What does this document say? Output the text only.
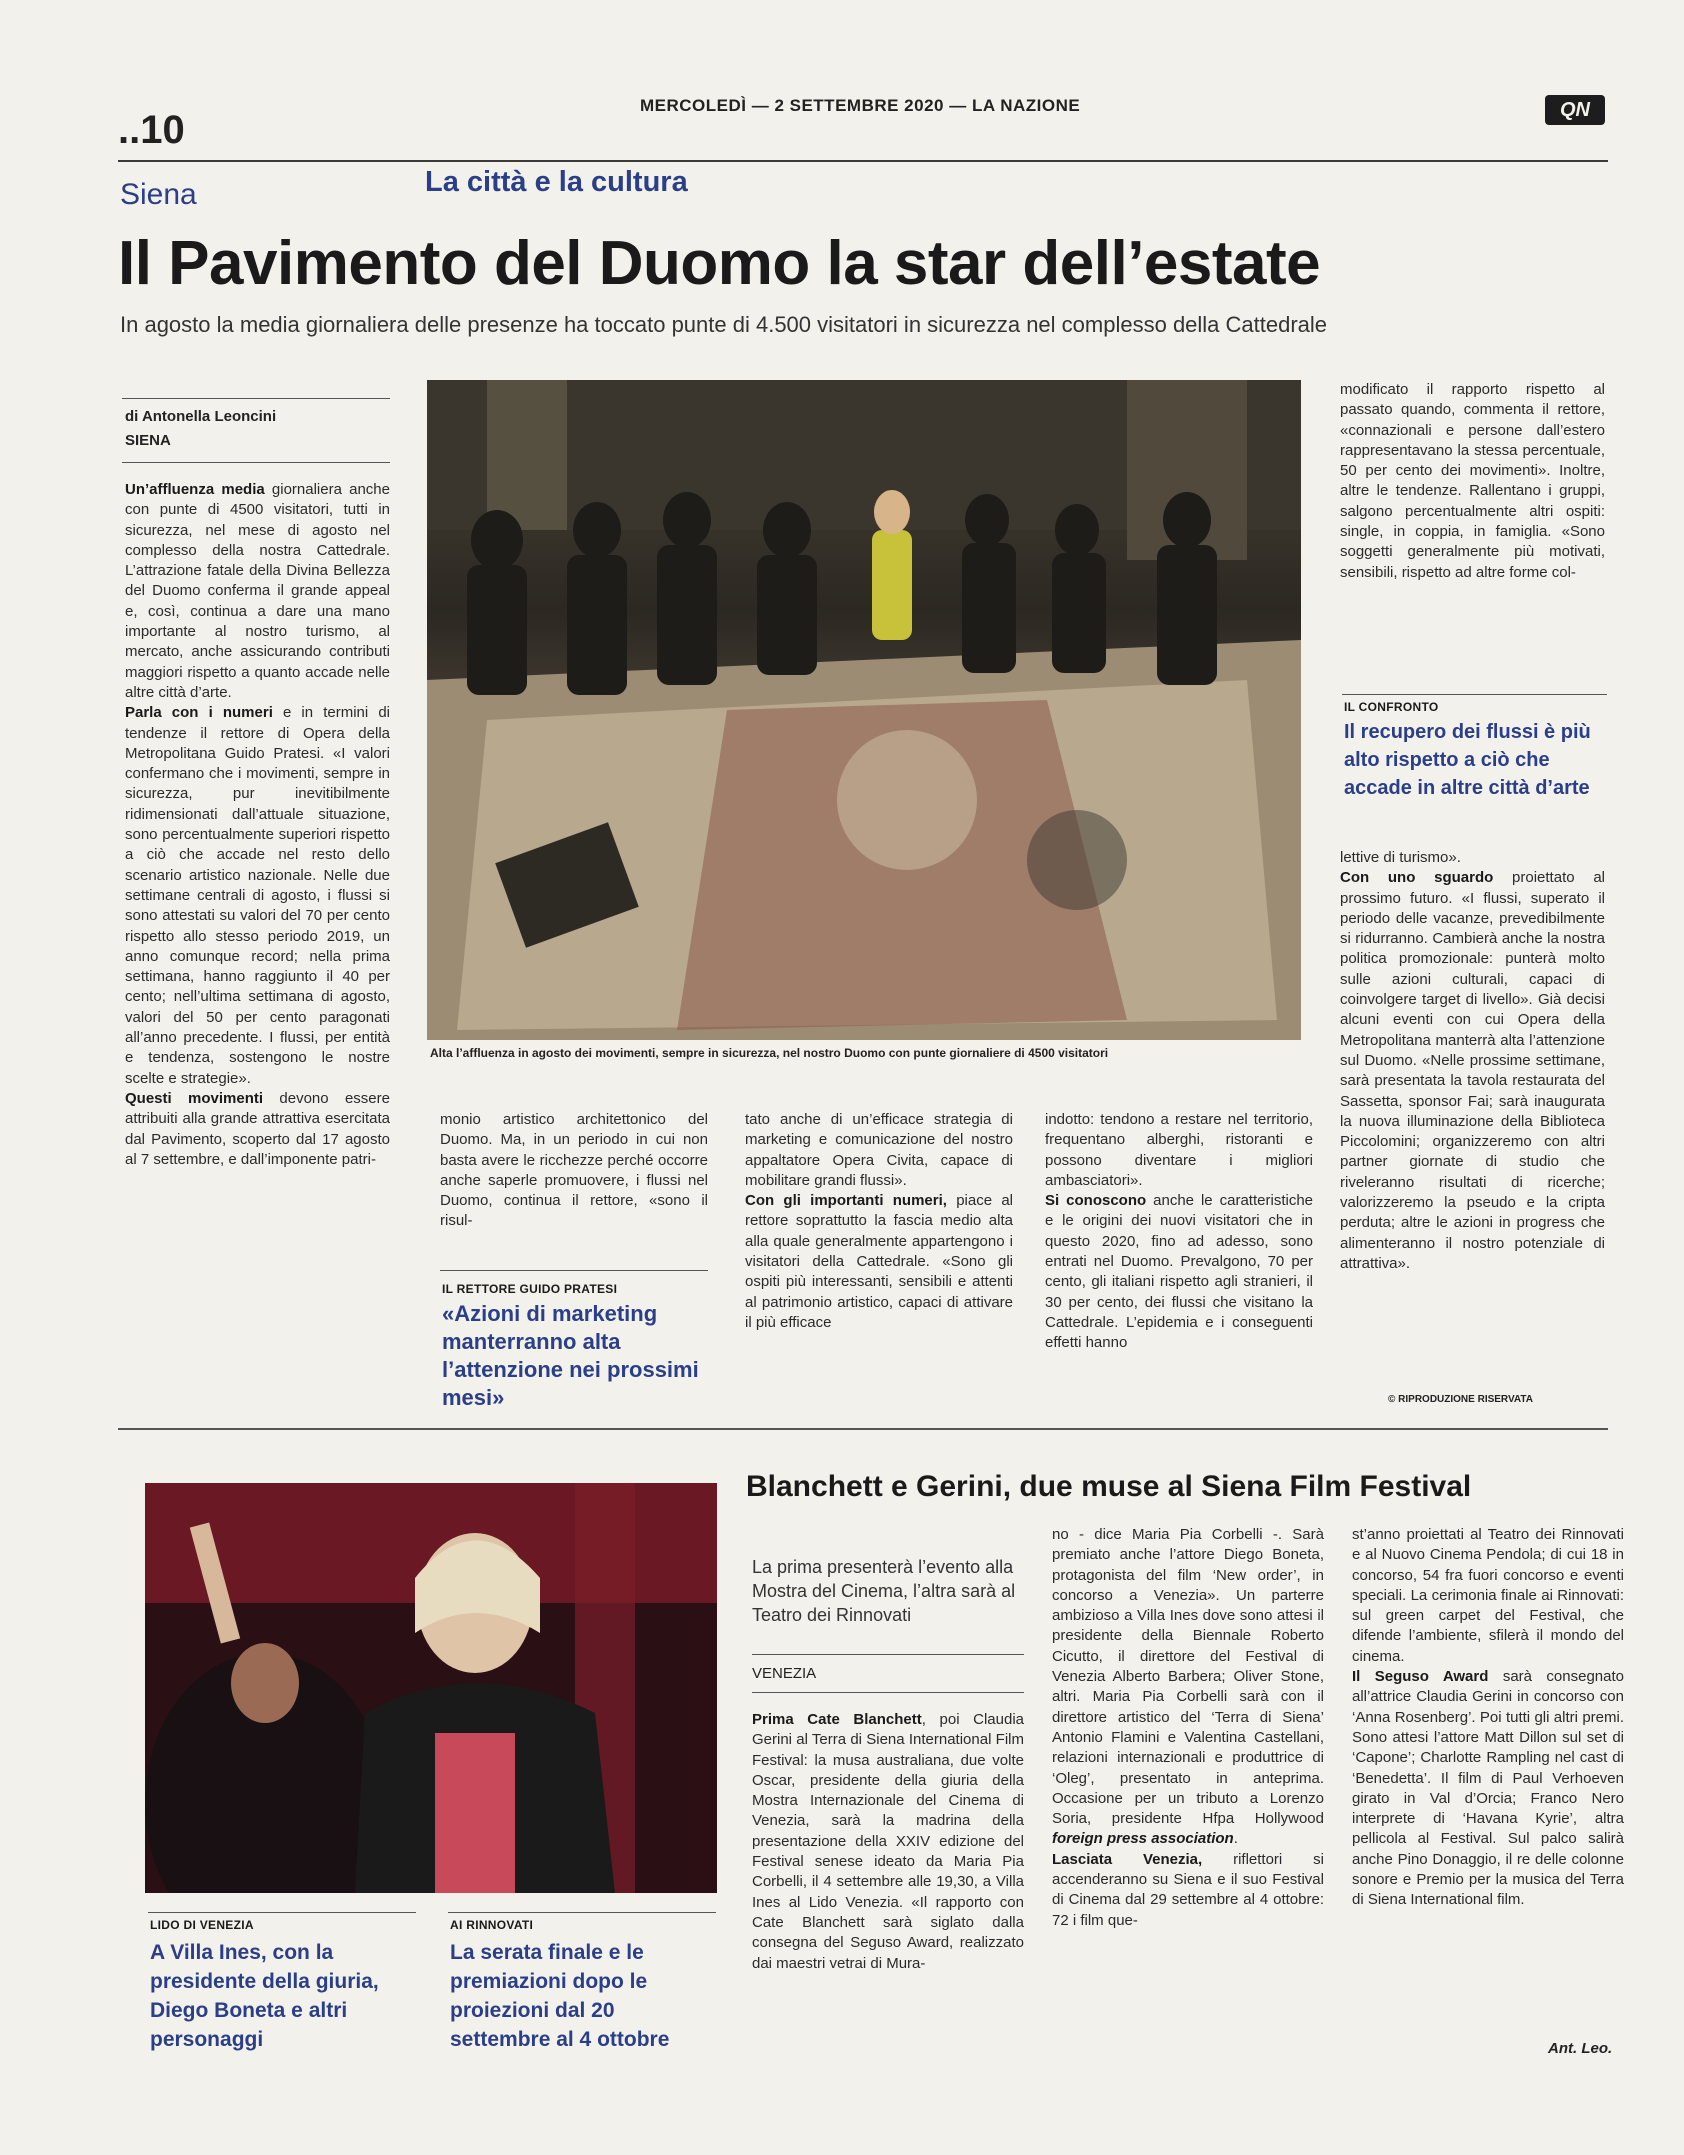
..10
MERCOLEDÌ — 2 SETTEMBRE 2020 — LA NAZIONE	QN
Siena	La città e la cultura
Il Pavimento del Duomo la star dell’estate
In agosto la media giornaliera delle presenze ha toccato punte di 4.500 visitatori in sicurezza nel complesso della Cattedrale
di Antonella Leoncini
SIENA

Un’affluenza media giornaliera anche con punte di 4500 visitatori, tutti in sicurezza, nel mese di agosto nel complesso della nostra Cattedrale. L’attrazione fatale della Divina Bellezza del Duomo conferma il grande appeal e, così, continua a dare una mano importante al nostro turismo, al mercato, anche assicurando contributi maggiori rispetto a quanto accade nelle altre città d’arte.

Parla con i numeri e in termini di tendenze il rettore di Opera della Metropolitana Guido Pratesi. «I valori confermano che i movimenti, sempre in sicurezza, pur inevitibilmente ridimensionati dall’attuale situazione, sono percentualmente superiori rispetto a ciò che accade nel resto dello scenario artistico nazionale. Nelle due settimane centrali di agosto, i flussi si sono attestati su valori del 70 per cento rispetto allo stesso periodo 2019, un anno comunque record; nella prima settimana, hanno raggiunto il 40 per cento; nell’ultima settimana di agosto, valori del 50 per cento paragonati all’anno precedente. I flussi, per entità e tendenza, sostengono le nostre scelte e strategie».

Questi movimenti devono essere attribuiti alla grande attrattiva esercitata dal Pavimento, scoperto dal 17 agosto al 7 settembre, e dall’imponente patri-

Alta l’affluenza in agosto dei movimenti, sempre in sicurezza, nel nostro Duomo con punte giornaliere di 4500 visitatori

monio artistico architettonico del Duomo. Ma, in un periodo in cui non basta avere le ricchezze perché occorre anche saperle promuovere, i flussi nel Duomo, continua il rettore, «sono il risul-

IL RETTORE GUIDO PRATESI
«Azioni di marketing manterranno alta l’attenzione nei prossimi mesi»

tato anche di un’efficace strategia di marketing e comunicazione del nostro appaltatore Opera Civita, capace di mobilitare grandi flussi».

Con gli importanti numeri, piace al rettore soprattutto la fascia medio alta alla quale generalmente appartengono i visitatori della Cattedrale. «Sono gli ospiti più interessanti, sensibili e attenti al patrimonio artistico, capaci di attivare il più efficace

indotto: tendono a restare nel territorio, frequentano alberghi, ristoranti e possono diventare i migliori ambasciatori».

Si conoscono anche le caratteristiche e le origini dei nuovi visitatori che in questo 2020, fino ad adesso, sono entrati nel Duomo. Prevalgono, 70 per cento, gli italiani rispetto agli stranieri, il 30 per cento, dei flussi che visitano la Cattedrale. L’epidemia e i conseguenti effetti hanno

modificato il rapporto rispetto al passato quando, commenta il rettore, «connazionali e persone dall’estero rappresentavano la stessa percentuale, 50 per cento dei movimenti». Inoltre, altre le tendenze. Rallentano i gruppi, salgono percentualmente altri ospiti: single, in coppia, in famiglia. «Sono soggetti generalmente più motivati, sensibili, rispetto ad altre forme col-

IL CONFRONTO
Il recupero dei flussi è più alto rispetto a ciò che accade in altre città d’arte

lettive di turismo».

Con uno sguardo proiettato al prossimo futuro. «I flussi, superato il periodo delle vacanze, prevedibilmente si ridurranno. Cambierà anche la nostra politica promozionale: punterà molto sulle azioni culturali, capaci di coinvolgere target di livello». Già decisi alcuni eventi con cui Opera della Metropolitana manterrà alta l’attenzione sul Duomo. «Nelle prossime settimane, sarà presentata la tavola restaurata del Sassetta, sponsor Fai; sarà inaugurata la nuova illuminazione della Biblioteca Piccolomini; organizzeremo con altri partner giornate di studio che riveleranno risultati di ricerche; valorizzeremo la pseudo e la cripta perduta; altre le azioni in progress che alimenteranno il nostro potenziale di attrattiva».

© RIPRODUZIONE RISERVATA
LIDO DI VENEZIA
A Villa Ines, con la presidente della giuria, Diego Boneta e altri personaggi
AI RINNOVATI
La serata finale e le premiazioni dopo le proiezioni dal 20 settembre al 4 ottobre
Blanchett e Gerini, due muse al Siena Film Festival
La prima presenterà l’evento alla Mostra del Cinema, l’altra sarà al Teatro dei Rinnovati
VENEZIA

Prima Cate Blanchett, poi Claudia Gerini al Terra di Siena International Film Festival: la musa australiana, due volte Oscar, presidente della giuria della Mostra Internazionale del Cinema di Venezia, sarà la madrina della presentazione della XXIV edizione del Festival senese ideato da Maria Pia Corbelli, il 4 settembre alle 19,30, a Villa Ines al Lido Venezia. «Il rapporto con Cate Blanchett sarà siglato dalla consegna del Seguso Award, realizzato dai maestri vetrai di Mura-

no - dice Maria Pia Corbelli -. Sarà premiato anche l’attore Diego Boneta, protagonista del film ‘New order’, in concorso a Venezia». Un parterre ambizioso a Villa Ines dove sono attesi il presidente della Biennale Roberto Cicutto, il direttore del Festival di Venezia Alberto Barbera; Oliver Stone, altri. Maria Pia Corbelli sarà con il direttore artistico del ‘Terra di Siena’ Antonio Flamini e Valentina Castellani, relazioni internazionali e produttrice di ‘Oleg’, presentato in anteprima. Occasione per un tributo a Lorenzo Soria, presidente Hfpa Hollywood foreign press association.

Lasciata Venezia, riflettori si accenderanno su Siena e il suo Festival di Cinema dal 29 settembre al 4 ottobre: 72 i film que-

st’anno proiettati al Teatro dei Rinnovati e al Nuovo Cinema Pendola; di cui 18 in concorso, 54 fra fuori concorso e eventi speciali. La cerimonia finale ai Rinnovati: sul green carpet del Festival, che difende l’ambiente, sfilerà il mondo del cinema.

Il Seguso Award sarà consegnato all’attrice Claudia Gerini in concorso con ‘Anna Rosenberg’. Poi tutti gli altri premi. Sono attesi l’attore Matt Dillon sul set di ‘Capone’; Charlotte Rampling nel cast di ‘Benedetta’. Il film di Paul Verhoeven girato in Val d’Orcia; Franco Nero interprete di ‘Havana Kyrie’, altra pellicola al Festival. Sul palco salirà anche Pino Donaggio, il re delle colonne sonore e Premio per la musica del Terra di Siena International film.

Ant. Leo.
